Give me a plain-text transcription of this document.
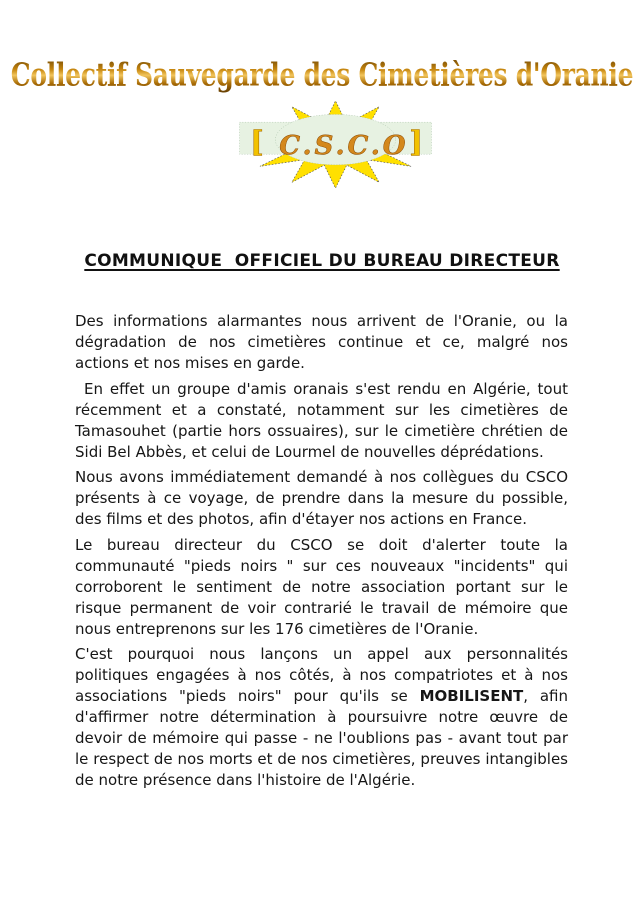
Collectif Sauvegarde des Cimetières d'Oranie
[ C.S.C.O ]
COMMUNIQUE  OFFICIEL DU BUREAU DIRECTEUR

Des informations alarmantes nous arrivent de l'Oranie, ou la dégradation de nos cimetières continue et ce, malgré nos actions et nos mises en garde.

En effet un groupe d'amis oranais s'est rendu en Algérie, tout récemment et a constaté, notamment sur les cimetières de Tamasouhet (partie hors ossuaires), sur le cimetière chrétien de Sidi Bel Abbès, et celui de Lourmel de nouvelles déprédations.

Nous avons immédiatement demandé à nos collègues du CSCO présents à ce voyage, de prendre dans la mesure du possible, des films et des photos, afin d'étayer nos actions en France.

Le bureau directeur du CSCO se doit d'alerter toute la communauté "pieds noirs " sur ces nouveaux "incidents" qui corroborent le sentiment de notre association portant sur le risque permanent de voir contrarié le travail de mémoire que nous entreprenons sur les 176 cimetières de l'Oranie.

C'est pourquoi nous lançons un appel aux personnalités politiques engagées à nos côtés, à nos compatriotes et à nos associations "pieds noirs" pour qu'ils se MOBILISENT, afin d'affirmer notre détermination à poursuivre notre œuvre de devoir de mémoire qui passe - ne l'oublions pas - avant tout par le respect de nos morts et de nos cimetières, preuves intangibles de notre présence dans l'histoire de l'Algérie.
